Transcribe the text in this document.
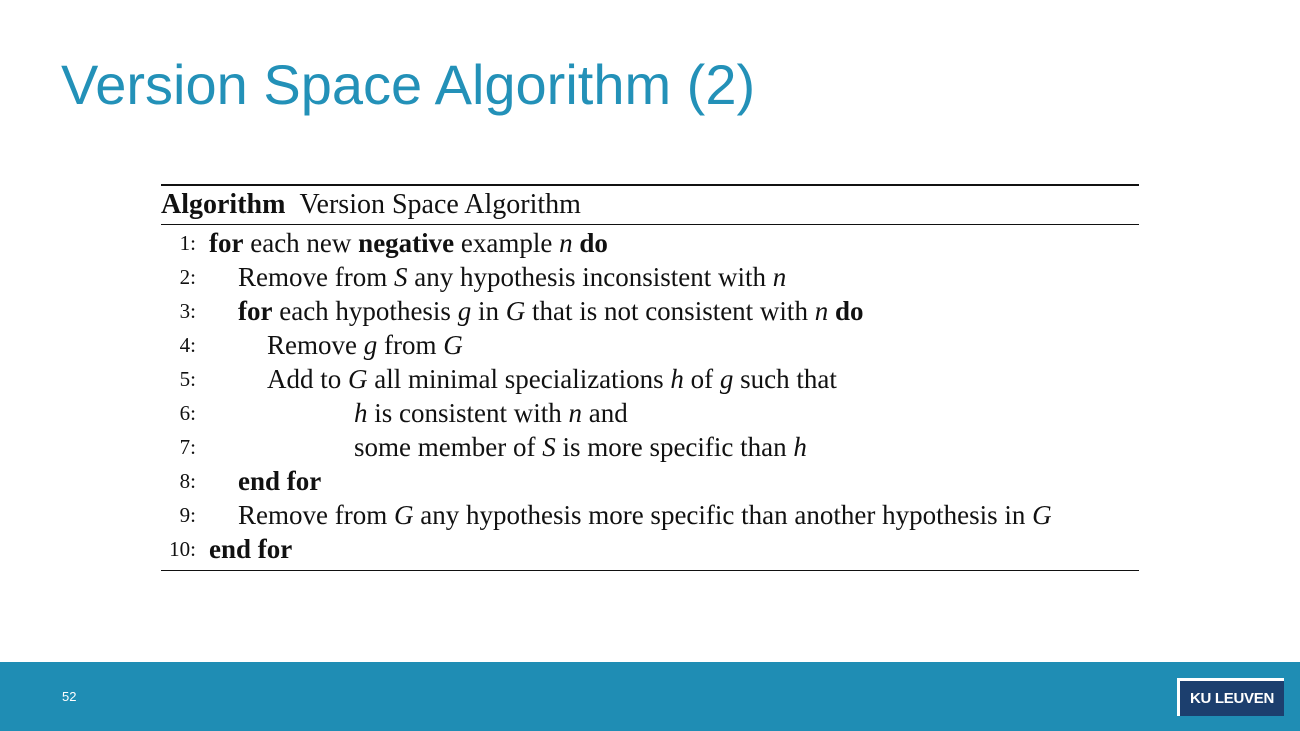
Version Space Algorithm (2)
Algorithm Version Space Algorithm
1: for each new negative example n do
2: Remove from S any hypothesis inconsistent with n
3: for each hypothesis g in G that is not consistent with n do
4:	Remove g from G
5:	Add to G all minimal specializations h of g such that
6:	h is consistent with n and
7:	some member of S is more specific than h
8: end for
9: Remove from G any hypothesis more specific than another hypothesis in G
10: end for
52	KU LEUVEN
